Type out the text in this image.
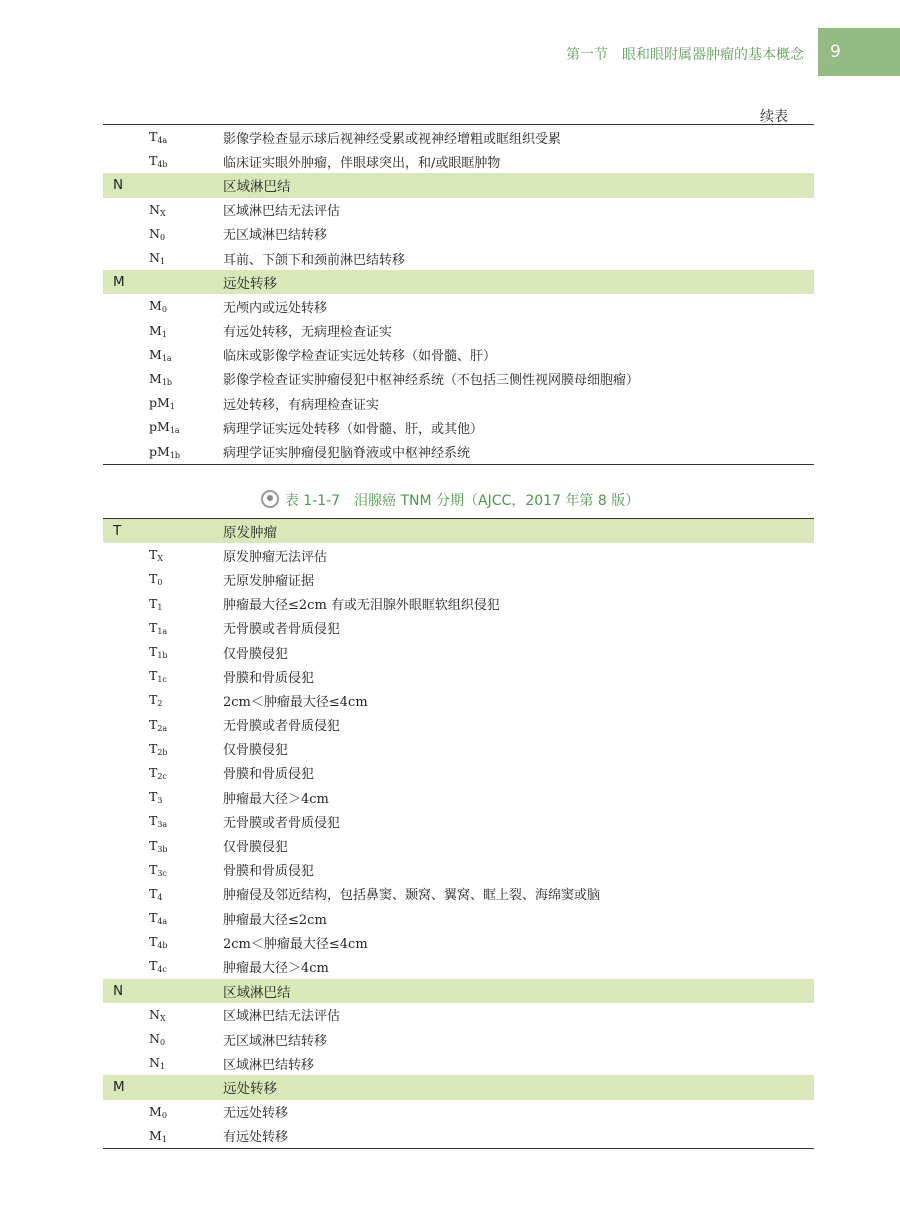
第一节　眼和眼附属器肿瘤的基本概念	9
续表
$T_{4a}$	影像学检查显示球后视神经受累或视神经增粗或眶组织受累
$T_{4b}$	临床证实眼外肿瘤，伴眼球突出，和/或眼眶肿物
N	区域淋巴结
$N_X$	区域淋巴结无法评估
$N_0$	无区域淋巴结转移
$N_1$	耳前、下颌下和颈前淋巴结转移
M	远处转移
$M_0$	无颅内或远处转移
$M_1$	有远处转移，无病理检查证实
$M_{1a}$	临床或影像学检查证实远处转移（如骨髓、肝）
$M_{1b}$	影像学检查证实肿瘤侵犯中枢神经系统（不包括三侧性视网膜母细胞瘤）
$pM_1$	远处转移，有病理检查证实
$pM_{1a}$	病理学证实远处转移（如骨髓、肝，或其他）
$pM_{1b}$	病理学证实肿瘤侵犯脑脊液或中枢神经系统
表 1-1-7　泪腺癌 TNM 分期（AJCC，2017 年第 8 版）
T	原发肿瘤
$T_X$	原发肿瘤无法评估
$T_0$	无原发肿瘤证据
$T_1$	肿瘤最大径≤2cm 有或无泪腺外眼眶软组织侵犯
$T_{1a}$	无骨膜或者骨质侵犯
$T_{1b}$	仅骨膜侵犯
$T_{1c}$	骨膜和骨质侵犯
$T_2$	2cm＜肿瘤最大径≤4cm
$T_{2a}$	无骨膜或者骨质侵犯
$T_{2b}$	仅骨膜侵犯
$T_{2c}$	骨膜和骨质侵犯
$T_3$	肿瘤最大径＞4cm
$T_{3a}$	无骨膜或者骨质侵犯
$T_{3b}$	仅骨膜侵犯
$T_{3c}$	骨膜和骨质侵犯
$T_4$	肿瘤侵及邻近结构，包括鼻窦、颞窝、翼窝、眶上裂、海绵窦或脑
$T_{4a}$	肿瘤最大径≤2cm
$T_{4b}$	2cm＜肿瘤最大径≤4cm
$T_{4c}$	肿瘤最大径＞4cm
N	区域淋巴结
$N_X$	区域淋巴结无法评估
$N_0$	无区域淋巴结转移
$N_1$	区域淋巴结转移
M	远处转移
$M_0$	无远处转移
$M_1$	有远处转移
